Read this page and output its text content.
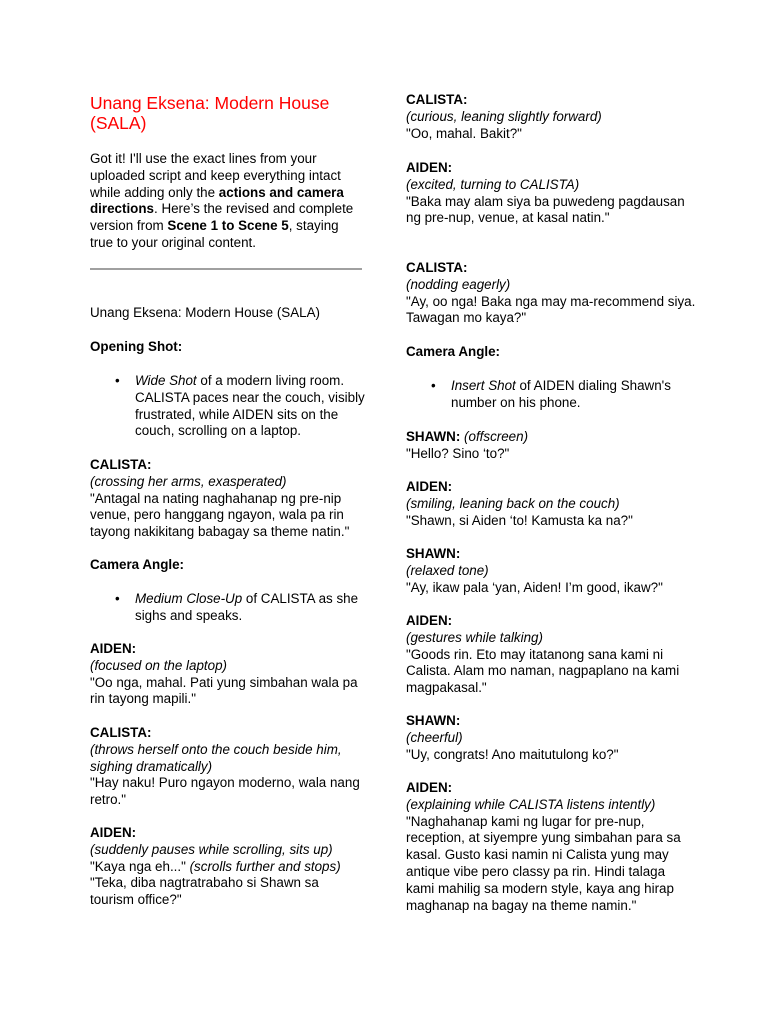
Unang Eksena: Modern House (SALA)

Got it! I'll use the exact lines from your uploaded script and keep everything intact while adding only the actions and camera directions. Here’s the revised and complete version from Scene 1 to Scene 5, staying true to your original content.

Unang Eksena: Modern House (SALA)

Opening Shot:

• Wide Shot of a modern living room. CALISTA paces near the couch, visibly frustrated, while AIDEN sits on the couch, scrolling on a laptop.
CALISTA:
(crossing her arms, exasperated)
"Antagal na nating naghahanap ng pre-nip venue, pero hanggang ngayon, wala pa rin tayong nakikitang babagay sa theme natin."

Camera Angle:

• Medium Close-Up of CALISTA as she sighs and speaks.
AIDEN:
(focused on the laptop)
"Oo nga, mahal. Pati yung simbahan wala pa rin tayong mapili."
CALISTA:
(throws herself onto the couch beside him, sighing dramatically)
"Hay naku! Puro ngayon moderno, wala nang retro."
AIDEN:
(suddenly pauses while scrolling, sits up)
"Kaya nga eh..." (scrolls further and stops)
"Teka, diba nagtratrabaho si Shawn sa tourism office?"
CALISTA:
(curious, leaning slightly forward)
"Oo, mahal. Bakit?"
AIDEN:
(excited, turning to CALISTA)
"Baka may alam siya ba puwedeng pagdausan ng pre-nup, venue, at kasal natin."
CALISTA:
(nodding eagerly)
"Ay, oo nga! Baka nga may ma-recommend siya. Tawagan mo kaya?"

Camera Angle:

• Insert Shot of AIDEN dialing Shawn's number on his phone.
SHAWN: (offscreen)
"Hello? Sino ‘to?"
AIDEN:
(smiling, leaning back on the couch)
"Shawn, si Aiden ‘to! Kamusta ka na?"
SHAWN:
(relaxed tone)
"Ay, ikaw pala ‘yan, Aiden! I’m good, ikaw?"
AIDEN:
(gestures while talking)
"Goods rin. Eto may itatanong sana kami ni Calista. Alam mo naman, nagpaplano na kami magpakasal."
SHAWN:
(cheerful)
"Uy, congrats! Ano maitutulong ko?"
AIDEN:
(explaining while CALISTA listens intently)
"Naghahanap kami ng lugar for pre-nup, reception, at siyempre yung simbahan para sa kasal. Gusto kasi namin ni Calista yung may antique vibe pero classy pa rin. Hindi talaga kami mahilig sa modern style, kaya ang hirap maghanap na bagay na theme namin."
